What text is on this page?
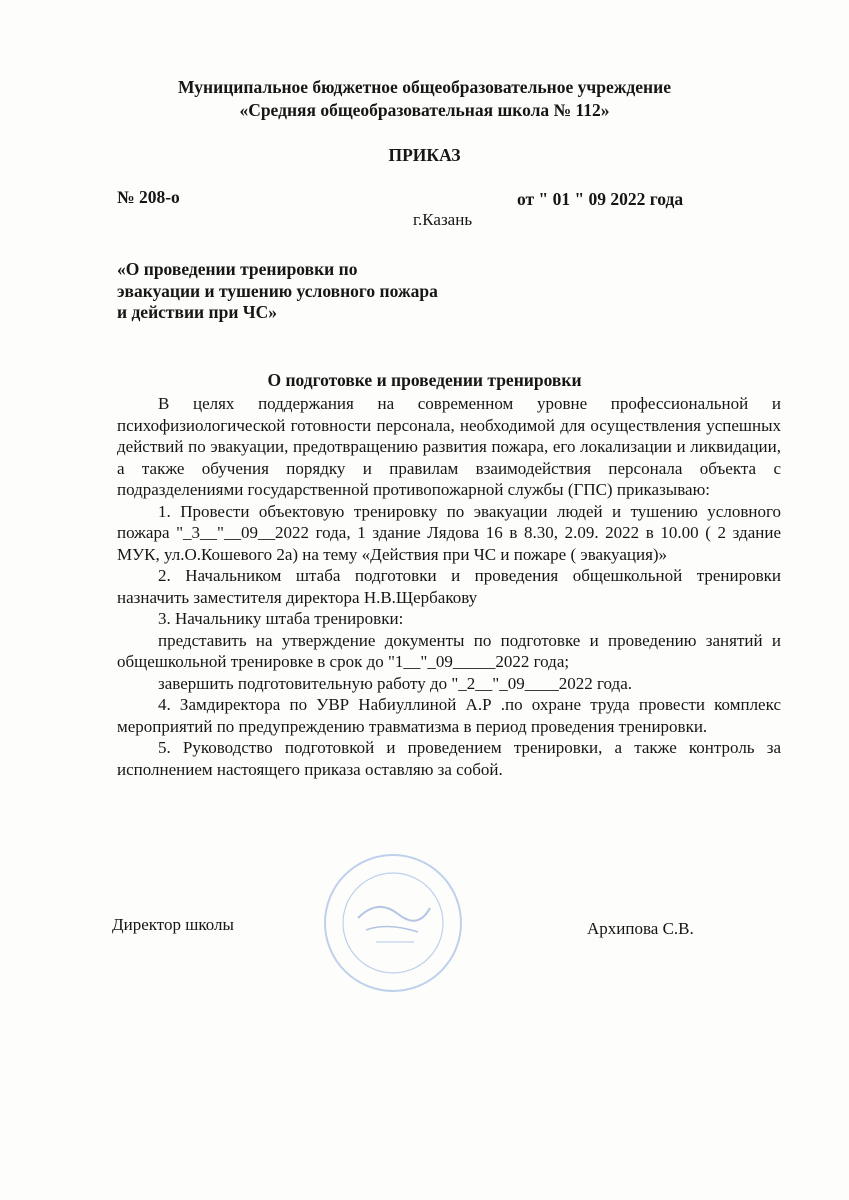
Муниципальное бюджетное общеобразовательное учреждение
«Средняя общеобразовательная школа № 112»
ПРИКАЗ
№ 208-о	от " 01 " 09 2022 года
г.Казань
«О проведении тренировки по
эвакуации и тушению условного пожара
и действии при ЧС»
О подготовке и проведении тренировки

В целях поддержания на современном уровне профессиональной и психофизиологической готовности персонала, необходимой для осуществления успешных действий по эвакуации, предотвращению развития пожара, его локализации и ликвидации, а также обучения порядку и правилам взаимодействия персонала объекта с подразделениями государственной противопожарной службы (ГПС) приказываю:

1. Провести объектовую тренировку по эвакуации людей и тушению условного пожара "_3__"__09__2022 года, 1 здание Лядова 16 в 8.30, 2.09. 2022 в 10.00 ( 2 здание МУК, ул.О.Кошевого 2а) на тему «Действия при ЧС и пожаре ( эвакуация)»

2. Начальником штаба подготовки и проведения общешкольной тренировки назначить заместителя директора Н.В.Щербакову

3. Начальнику штаба тренировки:

представить на утверждение документы по подготовке и проведению занятий и общешкольной тренировке в срок до "1__"_09_____2022 года;

завершить подготовительную работу до "_2__"_09____2022 года.

4. Замдиректора по УВР Набиуллиной А.Р .по охране труда провести комплекс мероприятий по предупреждению травматизма в период проведения тренировки.

5. Руководство подготовкой и проведением тренировки, а также контроль за исполнением настоящего приказа оставляю за собой.

Директор школы	Архипова С.В.
